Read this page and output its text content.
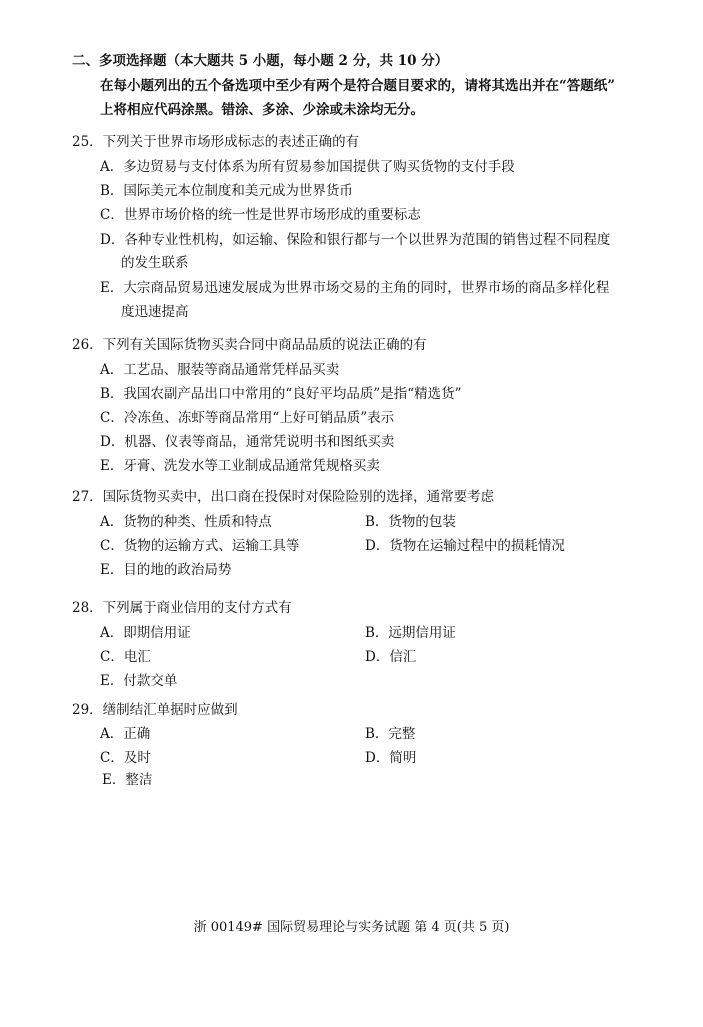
二、多项选择题（本大题共 5 小题，每小题 2 分，共 10 分）
在每小题列出的五个备选项中至少有两个是符合题目要求的，请将其选出并在“答题纸”
上将相应代码涂黑。错涂、多涂、少涂或未涂均无分。
25．下列关于世界市场形成标志的表述正确的有
A．多边贸易与支付体系为所有贸易参加国提供了购买货物的支付手段
B．国际美元本位制度和美元成为世界货币
C．世界市场价格的统一性是世界市场形成的重要标志
D．各种专业性机构，如运输、保险和银行都与一个以世界为范围的销售过程不同程度
的发生联系
E．大宗商品贸易迅速发展成为世界市场交易的主角的同时，世界市场的商品多样化程
度迅速提高
26．下列有关国际货物买卖合同中商品品质的说法正确的有
A．工艺品、服装等商品通常凭样品买卖
B．我国农副产品出口中常用的“良好平均品质”是指“精选货”
C．冷冻鱼、冻虾等商品常用“上好可销品质”表示
D．机器、仪表等商品，通常凭说明书和图纸买卖
E．牙膏、洗发水等工业制成品通常凭规格买卖
27．国际货物买卖中，出口商在投保时对保险险别的选择，通常要考虑
A．货物的种类、性质和特点	B．货物的包装
C．货物的运输方式、运输工具等	D．货物在运输过程中的损耗情况
E．目的地的政治局势
28．下列属于商业信用的支付方式有
A．即期信用证	B．远期信用证
C．电汇	D．信汇
E．付款交单
29．缮制结汇单据时应做到
A．正确	B．完整
C．及时	D．简明
E．整洁
浙 00149# 国际贸易理论与实务试题 第 4 页(共 5 页)
